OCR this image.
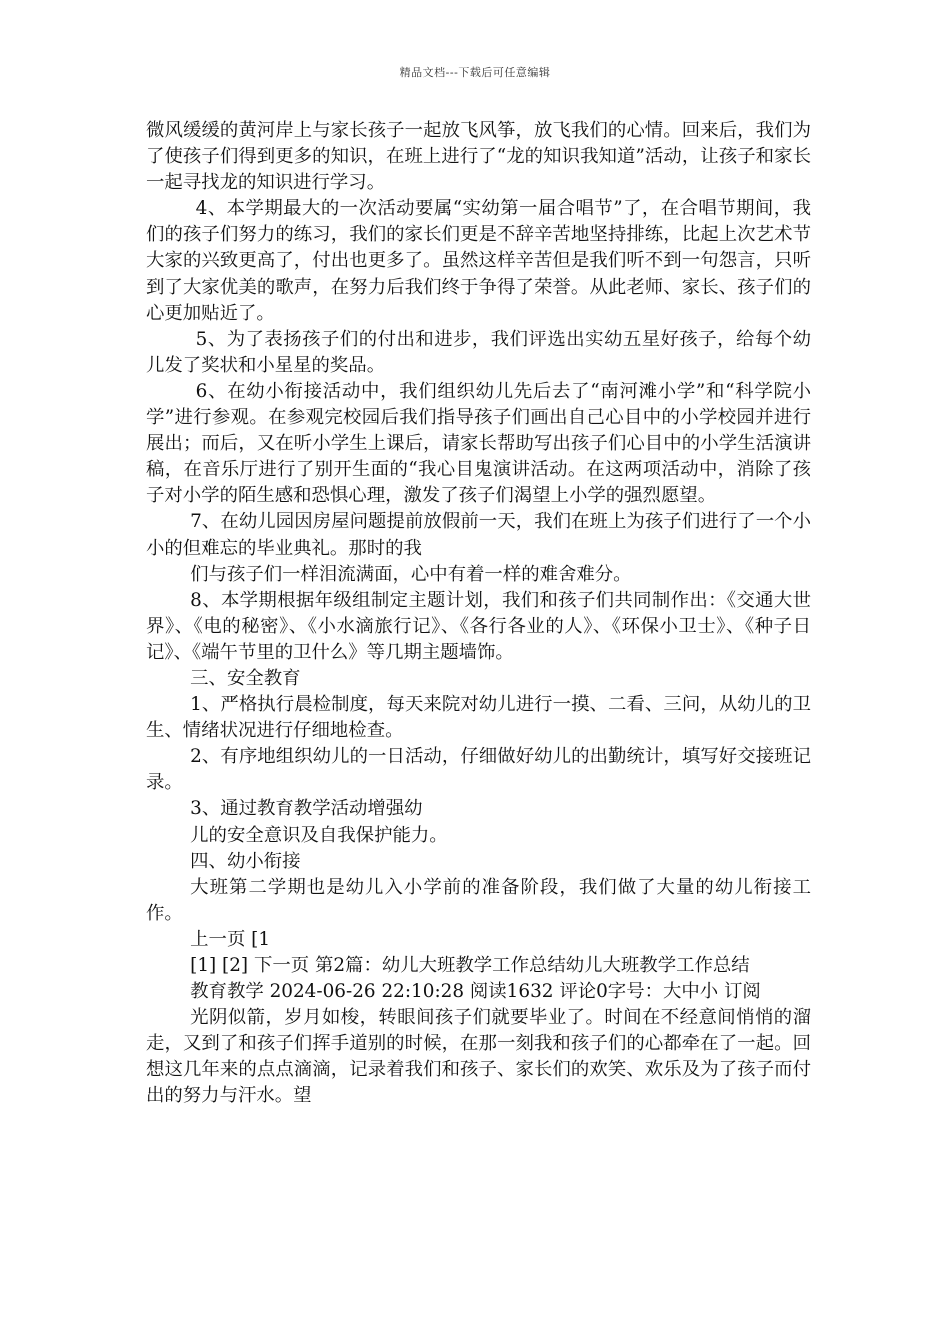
精品文档---下载后可任意编辑

微风缓缓的黄河岸上与家长孩子一起放飞风筝，放飞我们的心情。回来后，我们为了使孩子们得到更多的知识，在班上进行了“龙的知识我知道”活动，让孩子和家长一起寻找龙的知识进行学习。

4、本学期最大的一次活动要属“实幼第一届合唱节”了，在合唱节期间，我们的孩子们努力的练习，我们的家长们更是不辞辛苦地坚持排练，比起上次艺术节大家的兴致更高了，付出也更多了。虽然这样辛苦但是我们听不到一句怨言，只听到了大家优美的歌声，在努力后我们终于争得了荣誉。从此老师、家长、孩子们的心更加贴近了。

5、为了表扬孩子们的付出和进步，我们评选出实幼五星好孩子，给每个幼儿发了奖状和小星星的奖品。

6、在幼小衔接活动中，我们组织幼儿先后去了“南河滩小学”和“科学院小学”进行参观。在参观完校园后我们指导孩子们画出自己心目中的小学校园并进行展出；而后，又在听小学生上课后，请家长帮助写出孩子们心目中的小学生活演讲稿，在音乐厅进行了别开生面的“我心目鬼演讲活动。在这两项活动中，消除了孩子对小学的陌生感和恐惧心理，激发了孩子们渴望上小学的强烈愿望。

7、在幼儿园因房屋问题提前放假前一天，我们在班上为孩子们进行了一个小小的但难忘的毕业典礼。那时的我

们与孩子们一样泪流满面，心中有着一样的难舍难分。

8、本学期根据年级组制定主题计划，我们和孩子们共同制作出：《交通大世界》、《电的秘密》、《小水滴旅行记》、《各行各业的人》、《环保小卫士》、《种子日记》、《端午节里的卫什么》等几期主题墙饰。

三、安全教育

1、严格执行晨检制度，每天来院对幼儿进行一摸、二看、三问，从幼儿的卫生、情绪状况进行仔细地检查。

2、有序地组织幼儿的一日活动，仔细做好幼儿的出勤统计，填写好交接班记录。

3、通过教育教学活动增强幼

儿的安全意识及自我保护能力。

四、幼小衔接

大班第二学期也是幼儿入小学前的准备阶段，我们做了大量的幼儿衔接工作。

上一页 [1

[1] [2] 下一页 第2篇：幼儿大班教学工作总结幼儿大班教学工作总结

教育教学 2024-06-26 22:10:28 阅读1632 评论0字号：大中小 订阅

光阴似箭，岁月如梭，转眼间孩子们就要毕业了。时间在不经意间悄悄的溜走，又到了和孩子们挥手道别的时候，在那一刻我和孩子们的心都牵在了一起。回想这几年来的点点滴滴，记录着我们和孩子、家长们的欢笑、欢乐及为了孩子而付出的努力与汗水。望
